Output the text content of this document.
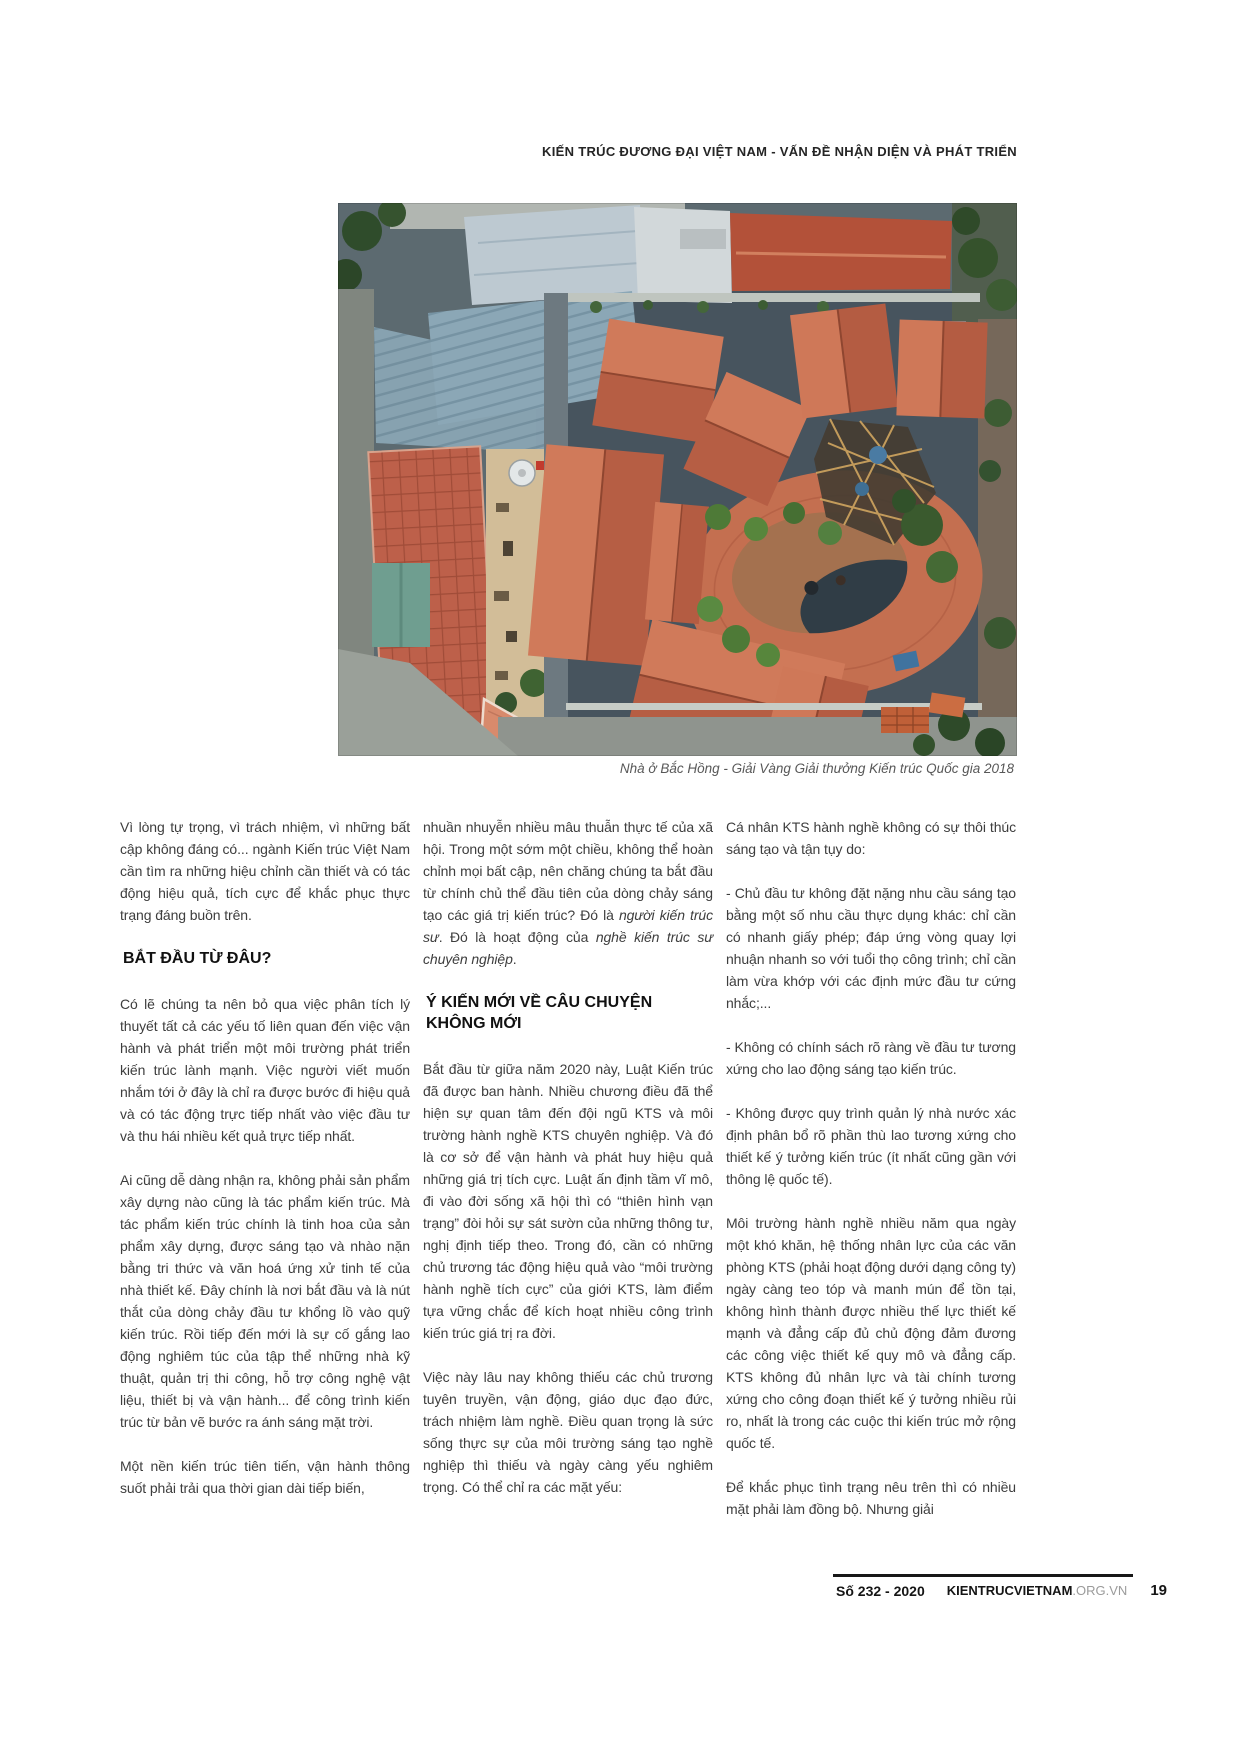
KIẾN TRÚC ĐƯƠNG ĐẠI VIỆT NAM - VẤN ĐỀ NHẬN DIỆN VÀ PHÁT TRIỂN
Nhà ở Bắc Hồng - Giải Vàng Giải thưởng Kiến trúc Quốc gia 2018

Vì lòng tự trọng, vì trách nhiệm, vì những bất cập không đáng có... ngành Kiến trúc Việt Nam cần tìm ra những hiệu chỉnh cần thiết và có tác động hiệu quả, tích cực để khắc phục thực trạng đáng buồn trên.

BẮT ĐẦU TỪ ĐÂU?

Có lẽ chúng ta nên bỏ qua việc phân tích lý thuyết tất cả các yếu tố liên quan đến việc vận hành và phát triển một môi trường phát triển kiến trúc lành mạnh. Việc người viết muốn nhắm tới ở đây là chỉ ra được bước đi hiệu quả và có tác động trực tiếp nhất vào việc đầu tư và thu hái nhiều kết quả trực tiếp nhất.

Ai cũng dễ dàng nhận ra, không phải sản phẩm xây dựng nào cũng là tác phẩm kiến trúc. Mà tác phẩm kiến trúc chính là tinh hoa của sản phẩm xây dựng, được sáng tạo và nhào nặn bằng tri thức và văn hoá ứng xử tinh tế của nhà thiết kế. Đây chính là nơi bắt đầu và là nút thắt của dòng chảy đầu tư khổng lồ vào quỹ kiến trúc. Rồi tiếp đến mới là sự cố gắng lao động nghiêm túc của tập thể những nhà kỹ thuật, quản trị thi công, hỗ trợ công nghệ vật liệu, thiết bị và vận hành... để công trình kiến trúc từ bản vẽ bước ra ánh sáng mặt trời.

Một nền kiến trúc tiên tiến, vận hành thông suốt phải trải qua thời gian dài tiếp biến,

nhuần nhuyễn nhiều mâu thuẫn thực tế của xã hội. Trong một sớm một chiều, không thể hoàn chỉnh mọi bất cập, nên chăng chúng ta bắt đầu từ chính chủ thể đầu tiên của dòng chảy sáng tạo các giá trị kiến trúc? Đó là người kiến trúc sư. Đó là hoạt động của nghề kiến trúc sư chuyên nghiệp.

Ý KIẾN MỚI VỀ CÂU CHUYỆN KHÔNG MỚI

Bắt đầu từ giữa năm 2020 này, Luật Kiến trúc đã được ban hành. Nhiều chương điều đã thể hiện sự quan tâm đến đội ngũ KTS và môi trường hành nghề KTS chuyên nghiệp. Và đó là cơ sở để vận hành và phát huy hiệu quả những giá trị tích cực. Luật ấn định tầm vĩ mô, đi vào đời sống xã hội thì có “thiên hình vạn trạng” đòi hỏi sự sát sườn của những thông tư, nghị định tiếp theo. Trong đó, cần có những chủ trương tác động hiệu quả vào “môi trường hành nghề tích cực” của giới KTS, làm điểm tựa vững chắc để kích hoạt nhiều công trình kiến trúc giá trị ra đời.

Việc này lâu nay không thiếu các chủ trương tuyên truyền, vận động, giáo dục đạo đức, trách nhiệm làm nghề. Điều quan trọng là sức sống thực sự của môi trường sáng tạo nghề nghiệp thì thiếu và ngày càng yếu nghiêm trọng. Có thể chỉ ra các mặt yếu:

Cá nhân KTS hành nghề không có sự thôi thúc sáng tạo và tận tụy do:

- Chủ đầu tư không đặt nặng nhu cầu sáng tạo bằng một số nhu cầu thực dụng khác: chỉ cần có nhanh giấy phép; đáp ứng vòng quay lợi nhuận nhanh so với tuổi thọ công trình; chỉ cần làm vừa khớp với các định mức đầu tư cứng nhắc;...

- Không có chính sách rõ ràng về đầu tư tương xứng cho lao động sáng tạo kiến trúc.

- Không được quy trình quản lý nhà nước xác định phân bổ rõ phần thù lao tương xứng cho thiết kế ý tưởng kiến trúc (ít nhất cũng gần với thông lệ quốc tế).

Môi trường hành nghề nhiều năm qua ngày một khó khăn, hệ thống nhân lực của các văn phòng KTS (phải hoạt động dưới dạng công ty) ngày càng teo tóp và manh mún để tồn tại, không hình thành được nhiều thế lực thiết kế mạnh và đẳng cấp đủ chủ động đảm đương các công việc thiết kế quy mô và đẳng cấp. KTS không đủ nhân lực và tài chính tương xứng cho công đoạn thiết kế ý tưởng nhiều rủi ro, nhất là trong các cuộc thi kiến trúc mở rộng quốc tế.

Để khắc phục tình trạng nêu trên thì có nhiều mặt phải làm đồng bộ. Nhưng giải

Số 232 - 2020	KIENTRUCVIETNAM.ORG.VN	19
